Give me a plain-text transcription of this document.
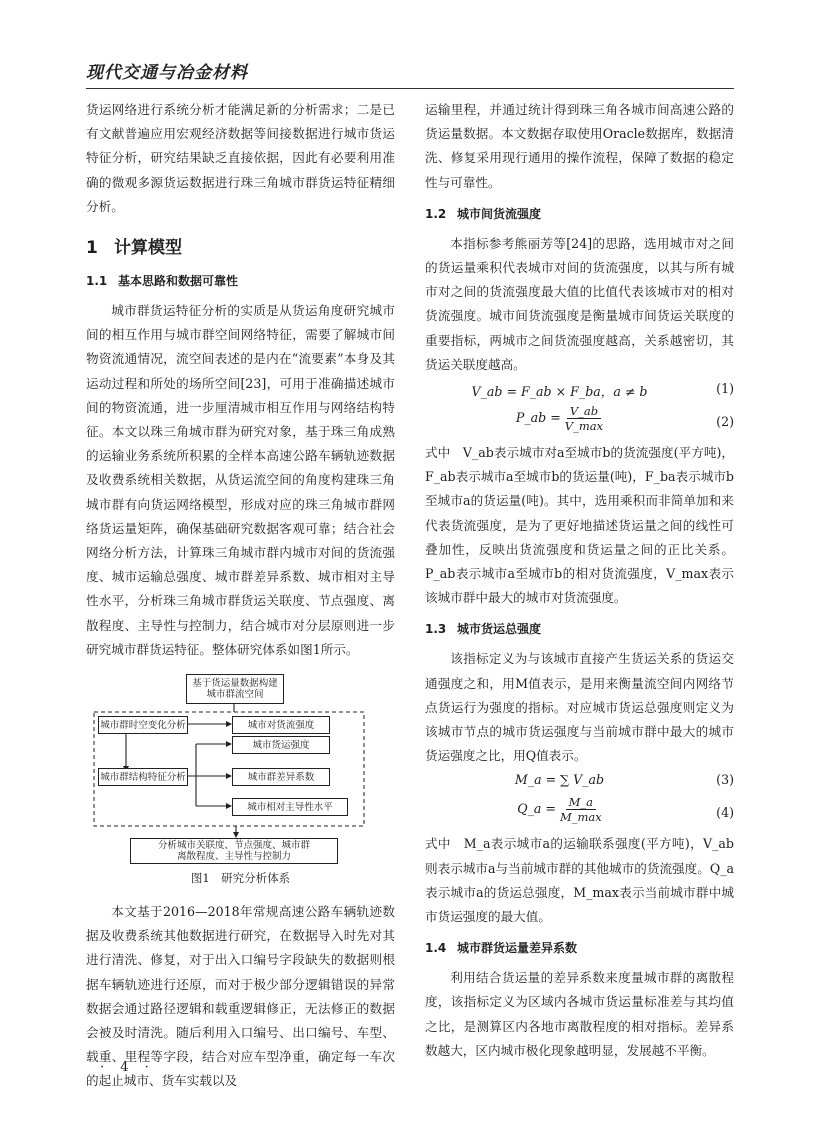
现代交通与冶金材料

货运网络进行系统分析才能满足新的分析需求；二是已有文献普遍应用宏观经济数据等间接数据进行城市货运特征分析，研究结果缺乏直接依据，因此有必要利用准确的微观多源货运数据进行珠三角城市群货运特征精细分析。

1 计算模型
1.1 基本思路和数据可靠性

城市群货运特征分析的实质是从货运角度研究城市间的相互作用与城市群空间网络特征，需要了解城市间物资流通情况，流空间表述的是内在“流要素”本身及其运动过程和所处的场所空间[23]，可用于准确描述城市间的物资流通，进一步厘清城市相互作用与网络结构特征。本文以珠三角城市群为研究对象，基于珠三角成熟的运输业务系统所积累的全样本高速公路车辆轨迹数据及收费系统相关数据，从货运流空间的角度构建珠三角城市群有向货运网络模型，形成对应的珠三角城市群网络货运量矩阵，确保基础研究数据客观可靠；结合社会网络分析方法，计算珠三角城市群内城市对间的货流强度、城市运输总强度、城市群差异系数、城市相对主导性水平，分析珠三角城市群货运关联度、节点强度、离散程度、主导性与控制力，结合城市对分层原则进一步研究城市群货运特征。整体研究体系如图1所示。

基于货运量数据构建
城市群流空间
城市群时空变化分析
城市群结构特征分析
城市对货流强度
城市货运强度
城市群差异系数
城市相对主导性水平
分析城市关联度、节点强度、城市群
离散程度、主导性与控制力
图1　研究分析体系

本文基于2016—2018年常规高速公路车辆轨迹数据及收费系统其他数据进行研究，在数据导入时先对其进行清洗、修复，对于出入口编号字段缺失的数据则根据车辆轨迹进行还原，而对于极少部分逻辑错误的异常数据会通过路径逻辑和载重逻辑修正，无法修正的数据会被及时清洗。随后利用入口编号、出口编号、车型、载重、里程等字段，结合对应车型净重，确定每一车次的起止城市、货车实载以及

运输里程，并通过统计得到珠三角各城市间高速公路的货运量数据。本文数据存取使用Oracle数据库，数据清洗、修复采用现行通用的操作流程，保障了数据的稳定性与可靠性。

1.2 城市间货流强度

本指标参考熊丽芳等[24]的思路，选用城市对之间的货运量乘积代表城市对间的货流强度，以其与所有城市对之间的货流强度最大值的比值代表该城市对的相对货流强度。城市间货流强度是衡量城市间货运关联度的重要指标，两城市之间货流强度越高，关系越密切，其货运关联度越高。

V_ab = F_ab × F_ba，a ≠ b	(1)
P_ab = $\frac{V\_ab}{V\_\max}$	(2)

式中　V_ab表示城市对a至城市b的货流强度(平方吨)，F_ab表示城市a至城市b的货运量(吨)，F_ba表示城市b至城市a的货运量(吨)。其中，选用乘积而非简单加和来代表货流强度，是为了更好地描述货运量之间的线性可叠加性，反映出货流强度和货运量之间的正比关系。P_ab表示城市a至城市b的相对货流强度，V_max表示该城市群中最大的城市对货流强度。

1.3 城市货运总强度

该指标定义为与该城市直接产生货运关系的货运交通强度之和，用M值表示，是用来衡量流空间内网络节点货运行为强度的指标。对应城市货运总强度则定义为该城市节点的城市货运强度与当前城市群中最大的城市货运强度之比，用Q值表示。

M_a = ∑ V_ab	(3)
Q_a = $\frac{M\_a}{M\_\max}$	(4)

式中　M_a表示城市a的运输联系强度(平方吨)，V_ab则表示城市a与当前城市群的其他城市的货流强度。Q_a表示城市a的货运总强度，M_max表示当前城市群中城市货运强度的最大值。

1.4 城市群货运量差异系数

利用结合货运量的差异系数来度量城市群的离散程度，该指标定义为区域内各城市货运量标准差与其均值之比，是测算区内各地市离散程度的相对指标。差异系数越大，区内城市极化现象越明显，发展越不平衡。

· 4 ·
